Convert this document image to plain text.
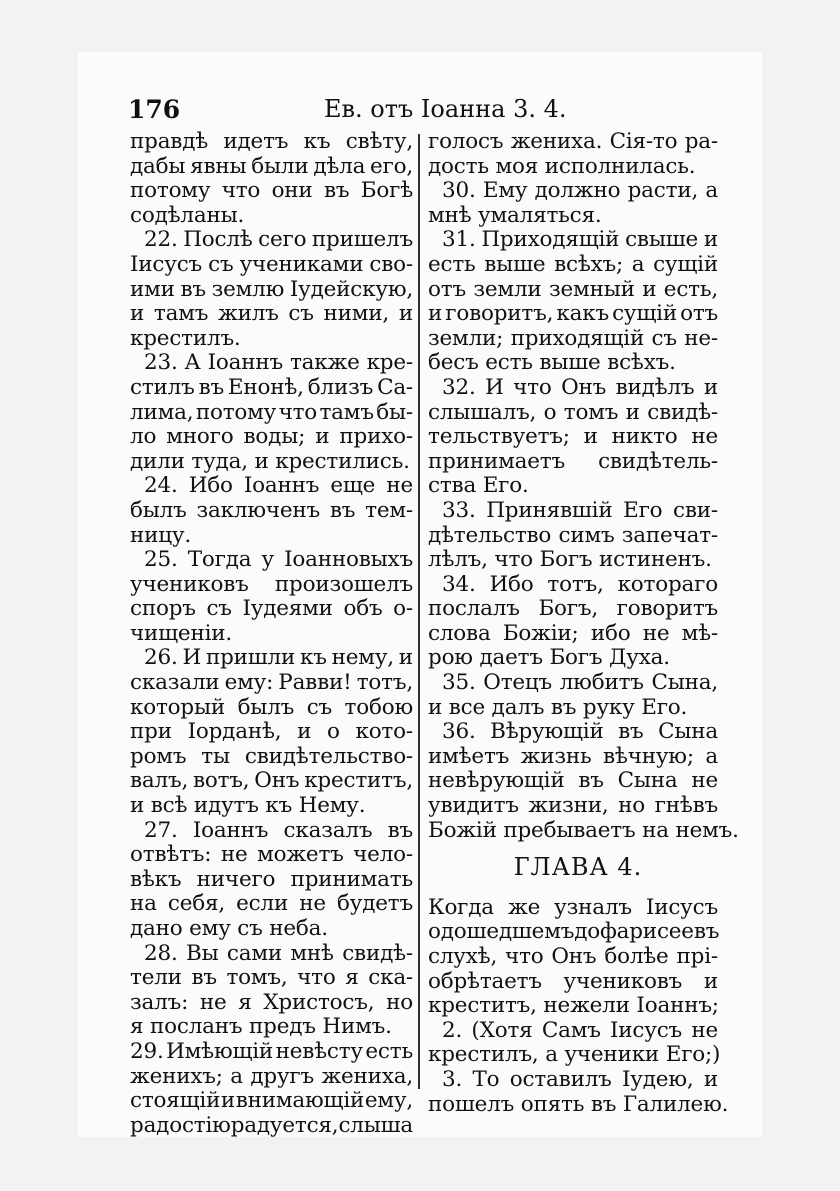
176	Ев. отъ Іоанна 3. 4.
правдѣ идетъ къ свѣту,
дабы явны были дѣла его,
потому что они въ Богѣ
содѣланы.
22. Послѣ сего пришелъ
Іисусъ съ учениками сво-
ими въ землю Іудейскую,
и тамъ жилъ съ ними, и
крестилъ.
23. А Іоаннъ также кре-
стилъ въ Енонѣ, близъ Са-
лима, потому что тамъ бы-
ло много воды; и прихо-
дили туда, и крестились.
24. Ибо Іоаннъ еще не
былъ заключенъ въ тем-
ницу.
25. Тогда у Іоанновыхъ
учениковъ произошелъ
споръ съ Іудеями объ о-
чищеніи.
26. И пришли къ нему, и
сказали ему: Равви! тотъ,
который былъ съ тобою
при Іорданѣ, и о кото-
ромъ ты свидѣтельство-
валъ, вотъ, Онъ креститъ,
и всѣ идутъ къ Нему.
27. Іоаннъ сказалъ въ
отвѣтъ: не можетъ чело-
вѣкъ ничего принимать
на себя, если не будетъ
дано ему съ неба.
28. Вы сами мнѣ свидѣ-
тели въ томъ, что я ска-
залъ: не я Христосъ, но
я посланъ предъ Нимъ.
29. Имѣющій невѣсту есть
женихъ; а другъ жениха,
стоящій и внимающій ему,
радостію радуется, слыша
голосъ жениха. Сія-то ра-
дость моя исполнилась.
30. Ему должно расти, а
мнѣ умаляться.
31. Приходящій свыше и
есть выше всѣхъ; а сущій
отъ земли земный и есть,
и говоритъ, какъ сущій отъ
земли; приходящій съ не-
бесъ есть выше всѣхъ.
32. И что Онъ видѣлъ и
слышалъ, о томъ и свидѣ-
тельствуетъ; и никто не
принимаетъ свидѣтель-
ства Его.
33. Принявшій Его сви-
дѣтельство симъ запечат-
лѣлъ, что Богъ истиненъ.
34. Ибо тотъ, котораго
послалъ Богъ, говоритъ
слова Божіи; ибо не мѣ-
рою даетъ Богъ Духа.
35. Отецъ любитъ Сына,
и все далъ въ руку Его.
36. Вѣрующій въ Сына
имѣетъ жизнь вѣчную; а
невѣрующій въ Сына не
увидитъ жизни, но гнѣвъ
Божій пребываетъ на немъ.
ГЛАВА 4.
Когда же узналъ Іисусъ
о дошедшемъ до фарисеевъ
слухѣ, что Онъ болѣе прі-
обрѣтаетъ учениковъ и
креститъ, нежели Іоаннъ;
2. (Хотя Самъ Іисусъ не
крестилъ, а ученики Его;)
3. То оставилъ Іудею, и
пошелъ опять въ Галилею.
